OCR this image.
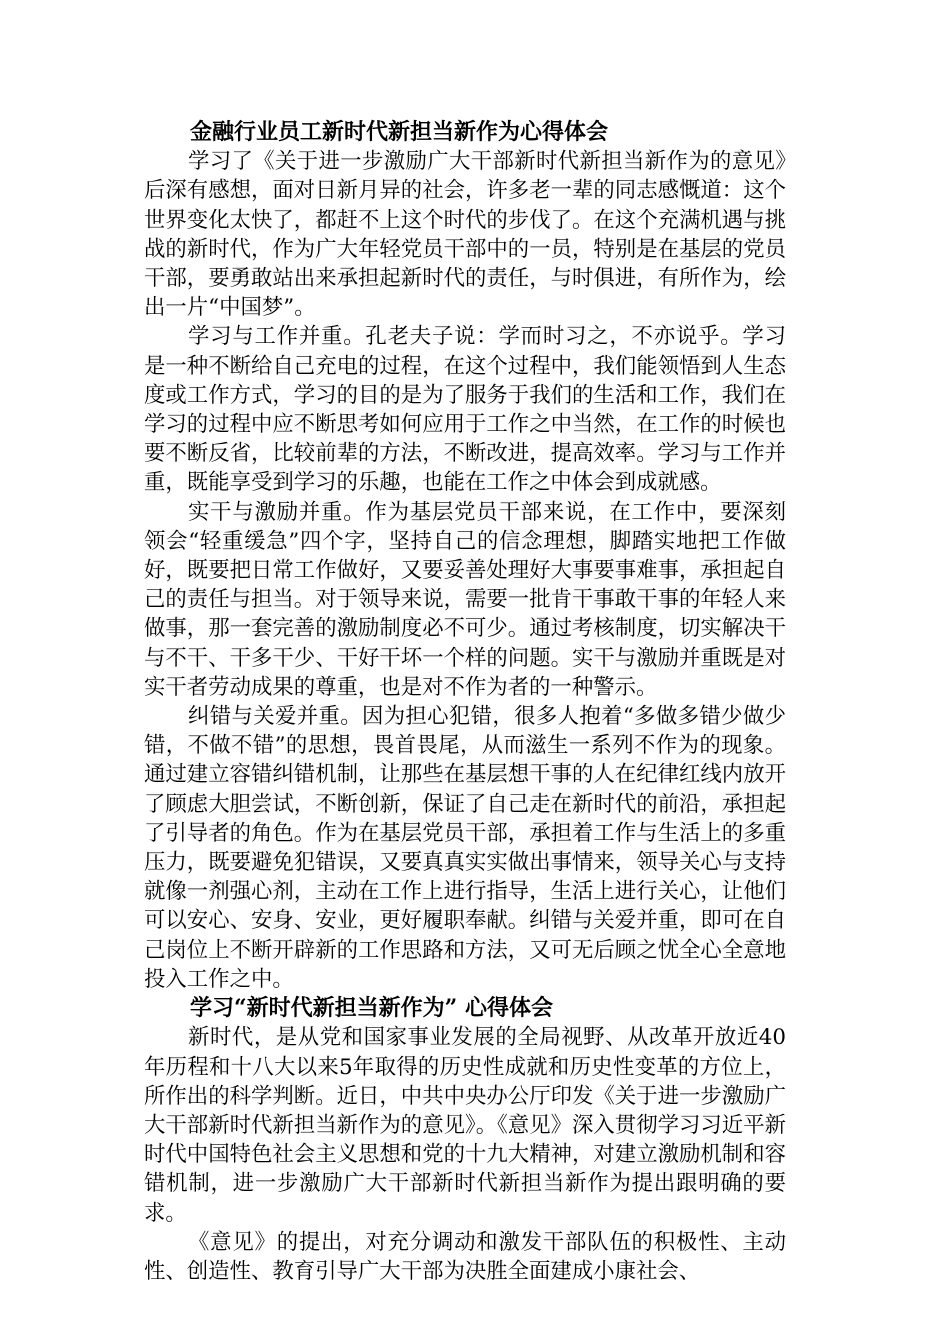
金融行业员工新时代新担当新作为心得体会

学习了《关于进一步激励广大干部新时代新担当新作为的意见》后深有感想，面对日新月异的社会，许多老一辈的同志感慨道：这个世界变化太快了，都赶不上这个时代的步伐了。在这个充满机遇与挑战的新时代，作为广大年轻党员干部中的一员，特别是在基层的党员干部，要勇敢站出来承担起新时代的责任，与时俱进，有所作为，绘出一片“中国梦”。

学习与工作并重。孔老夫子说：学而时习之，不亦说乎。学习是一种不断给自己充电的过程，在这个过程中，我们能领悟到人生态度或工作方式，学习的目的是为了服务于我们的生活和工作，我们在学习的过程中应不断思考如何应用于工作之中当然，在工作的时候也要不断反省，比较前辈的方法，不断改进，提高效率。学习与工作并重，既能享受到学习的乐趣，也能在工作之中体会到成就感。

实干与激励并重。作为基层党员干部来说，在工作中，要深刻领会“轻重缓急”四个字，坚持自己的信念理想，脚踏实地把工作做好，既要把日常工作做好，又要妥善处理好大事要事难事，承担起自己的责任与担当。对于领导来说，需要一批肯干事敢干事的年轻人来做事，那一套完善的激励制度必不可少。通过考核制度，切实解决干与不干、干多干少、干好干坏一个样的问题。实干与激励并重既是对实干者劳动成果的尊重，也是对不作为者的一种警示。

纠错与关爱并重。因为担心犯错，很多人抱着“多做多错少做少错，不做不错”的思想，畏首畏尾，从而滋生一系列不作为的现象。通过建立容错纠错机制，让那些在基层想干事的人在纪律红线内放开了顾虑大胆尝试，不断创新，保证了自己走在新时代的前沿，承担起了引导者的角色。作为在基层党员干部，承担着工作与生活上的多重压力，既要避免犯错误，又要真真实实做出事情来，领导关心与支持就像一剂强心剂，主动在工作上进行指导，生活上进行关心，让他们可以安心、安身、安业，更好履职奉献。纠错与关爱并重，即可在自己岗位上不断开辟新的工作思路和方法，又可无后顾之忧全心全意地投入工作之中。

学习“新时代新担当新作为” 心得体会

新时代，是从党和国家事业发展的全局视野、从改革开放近40年历程和十八大以来5年取得的历史性成就和历史性变革的方位上，所作出的科学判断。近日，中共中央办公厅印发《关于进一步激励广大干部新时代新担当新作为的意见》。《意见》深入贯彻学习习近平新时代中国特色社会主义思想和党的十九大精神，对建立激励机制和容错机制，进一步激励广大干部新时代新担当新作为提出跟明确的要求。

《意见》的提出，对充分调动和激发干部队伍的积极性、主动性、创造性、教育引导广大干部为决胜全面建成小康社会、
